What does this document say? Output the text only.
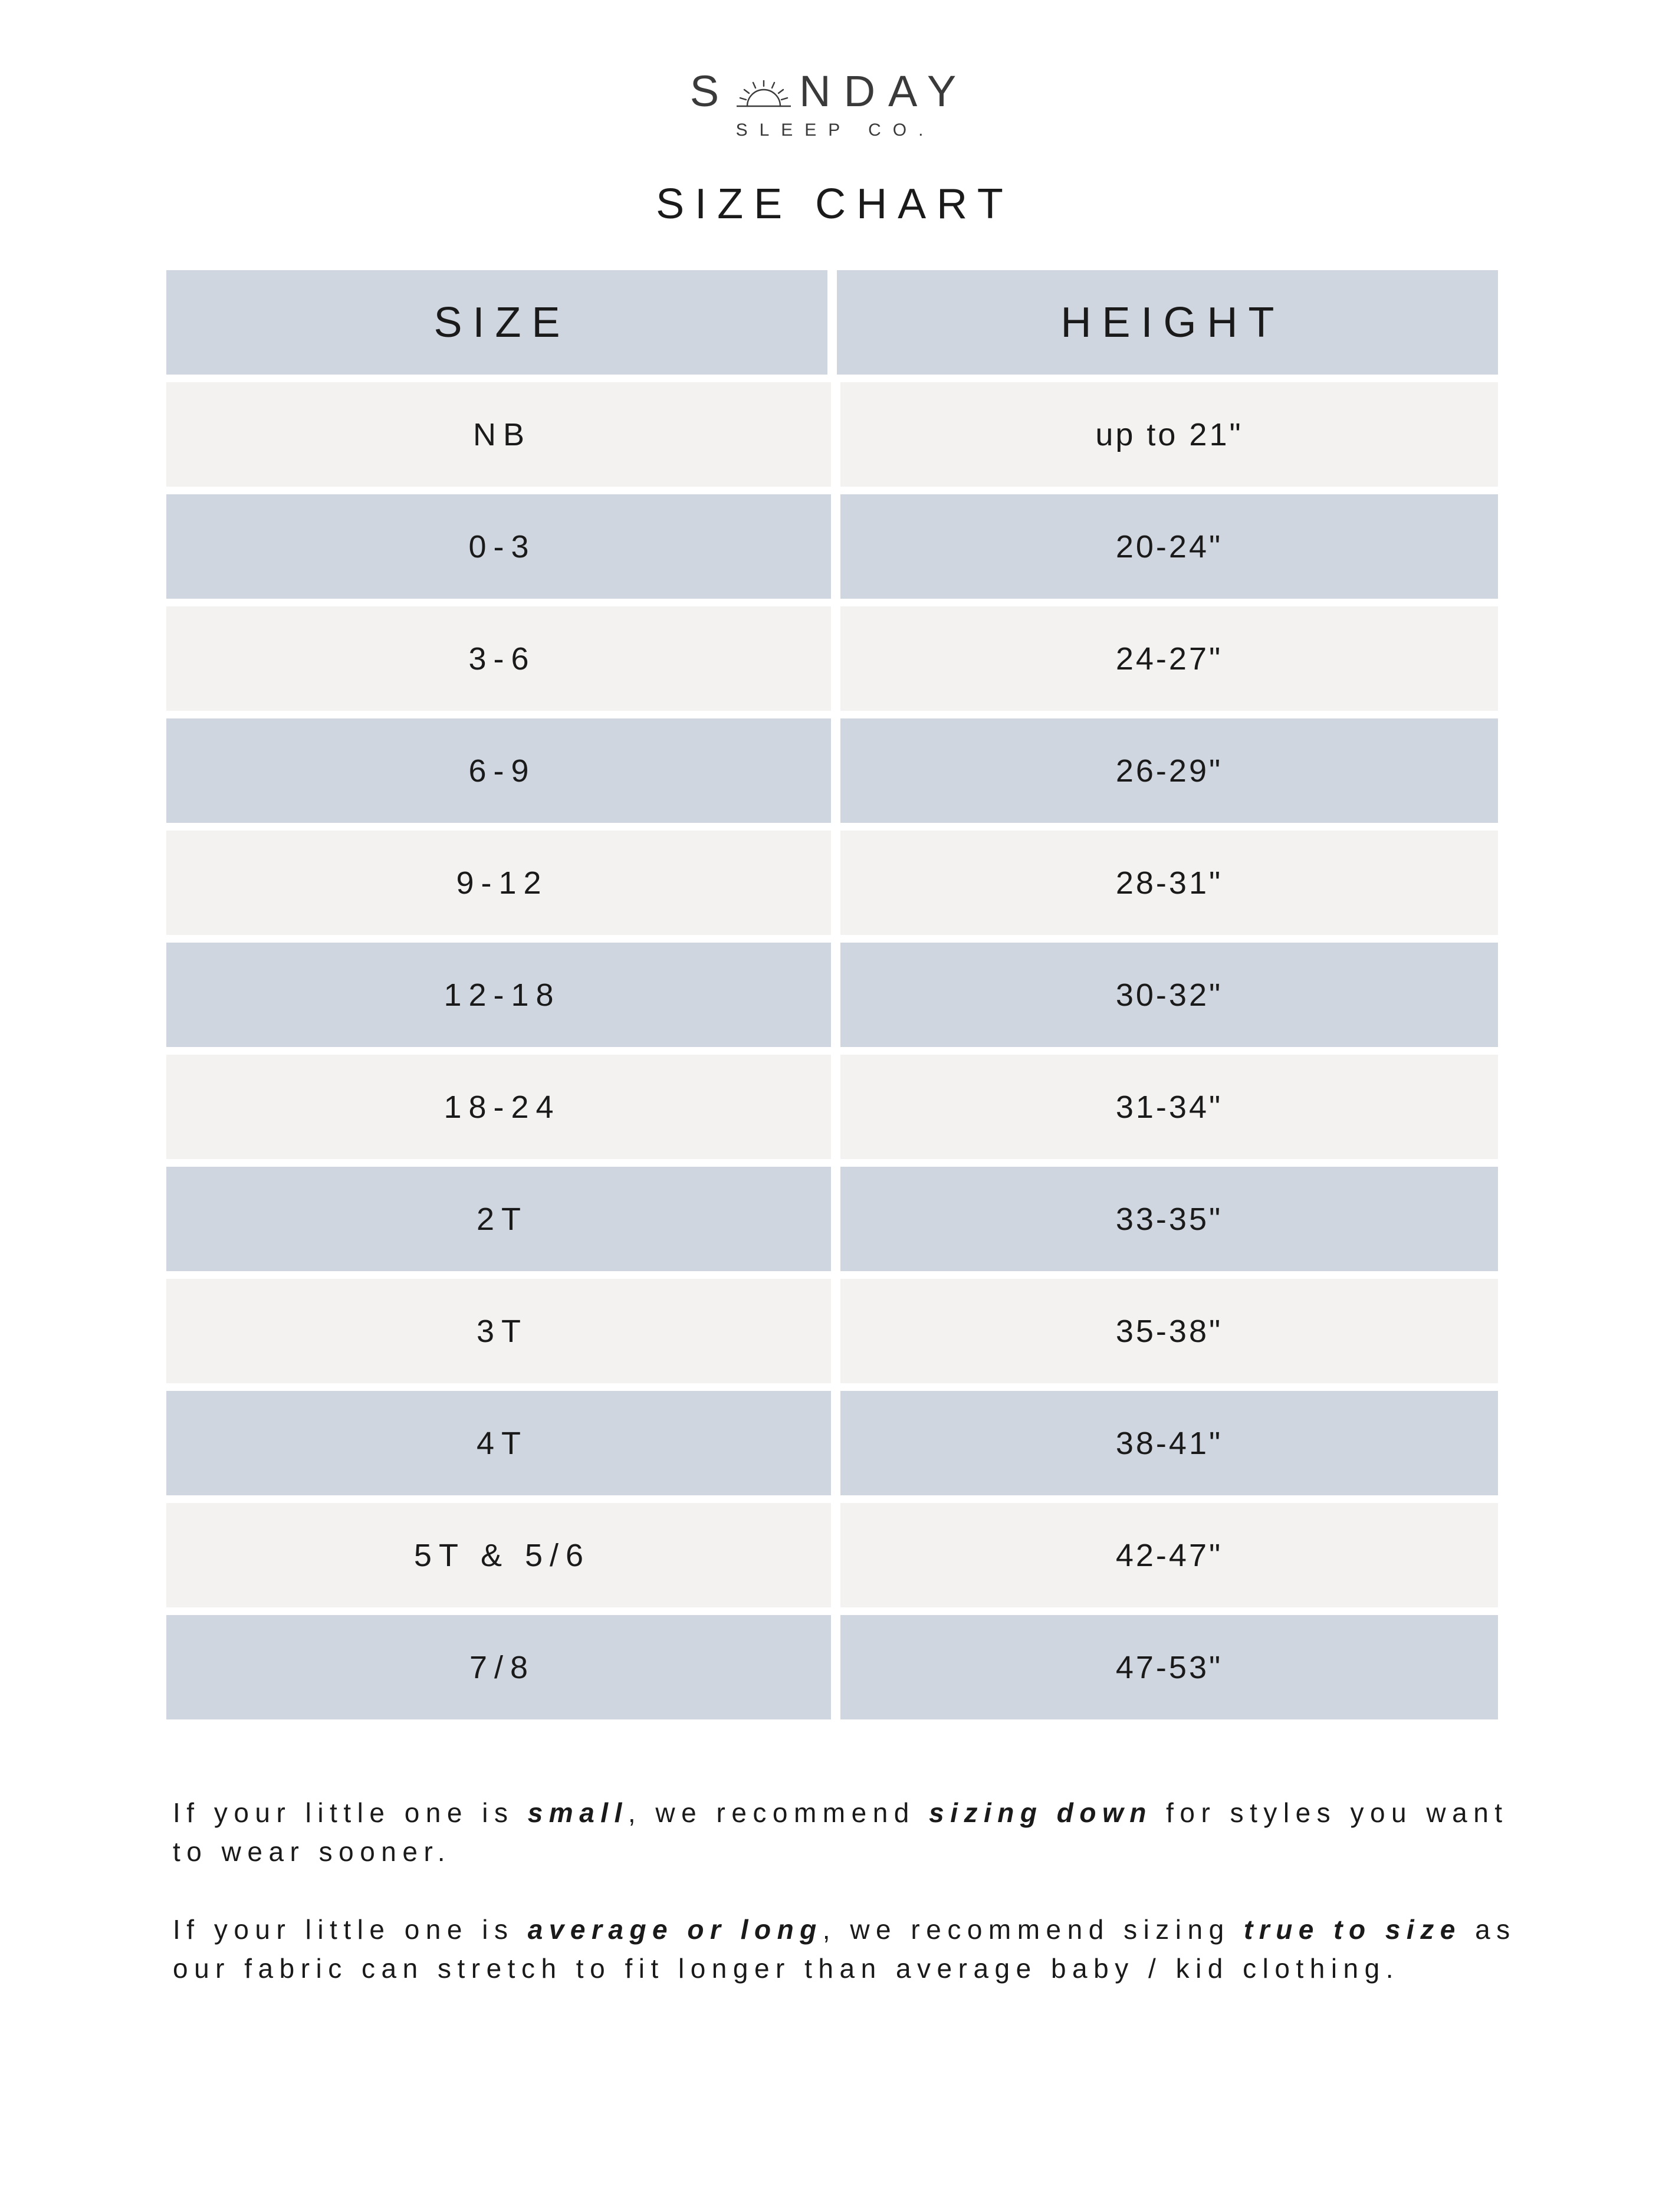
S NDAY
SLEEP CO.
SIZE CHART
SIZE	HEIGHT
NB	up to 21"
0-3	20-24"
3-6	24-27"
6-9	26-29"
9-12	28-31"
12-18	30-32"
18-24	31-34"
2T	33-35"
3T	35-38"
4T	38-41"
5T & 5/6	42-47"
7/8	47-53"

If your little one is small, we recommend sizing down for styles you want to wear sooner.

If your little one is average or long, we recommend sizing true to size as our fabric can stretch to fit longer than average baby / kid clothing.
